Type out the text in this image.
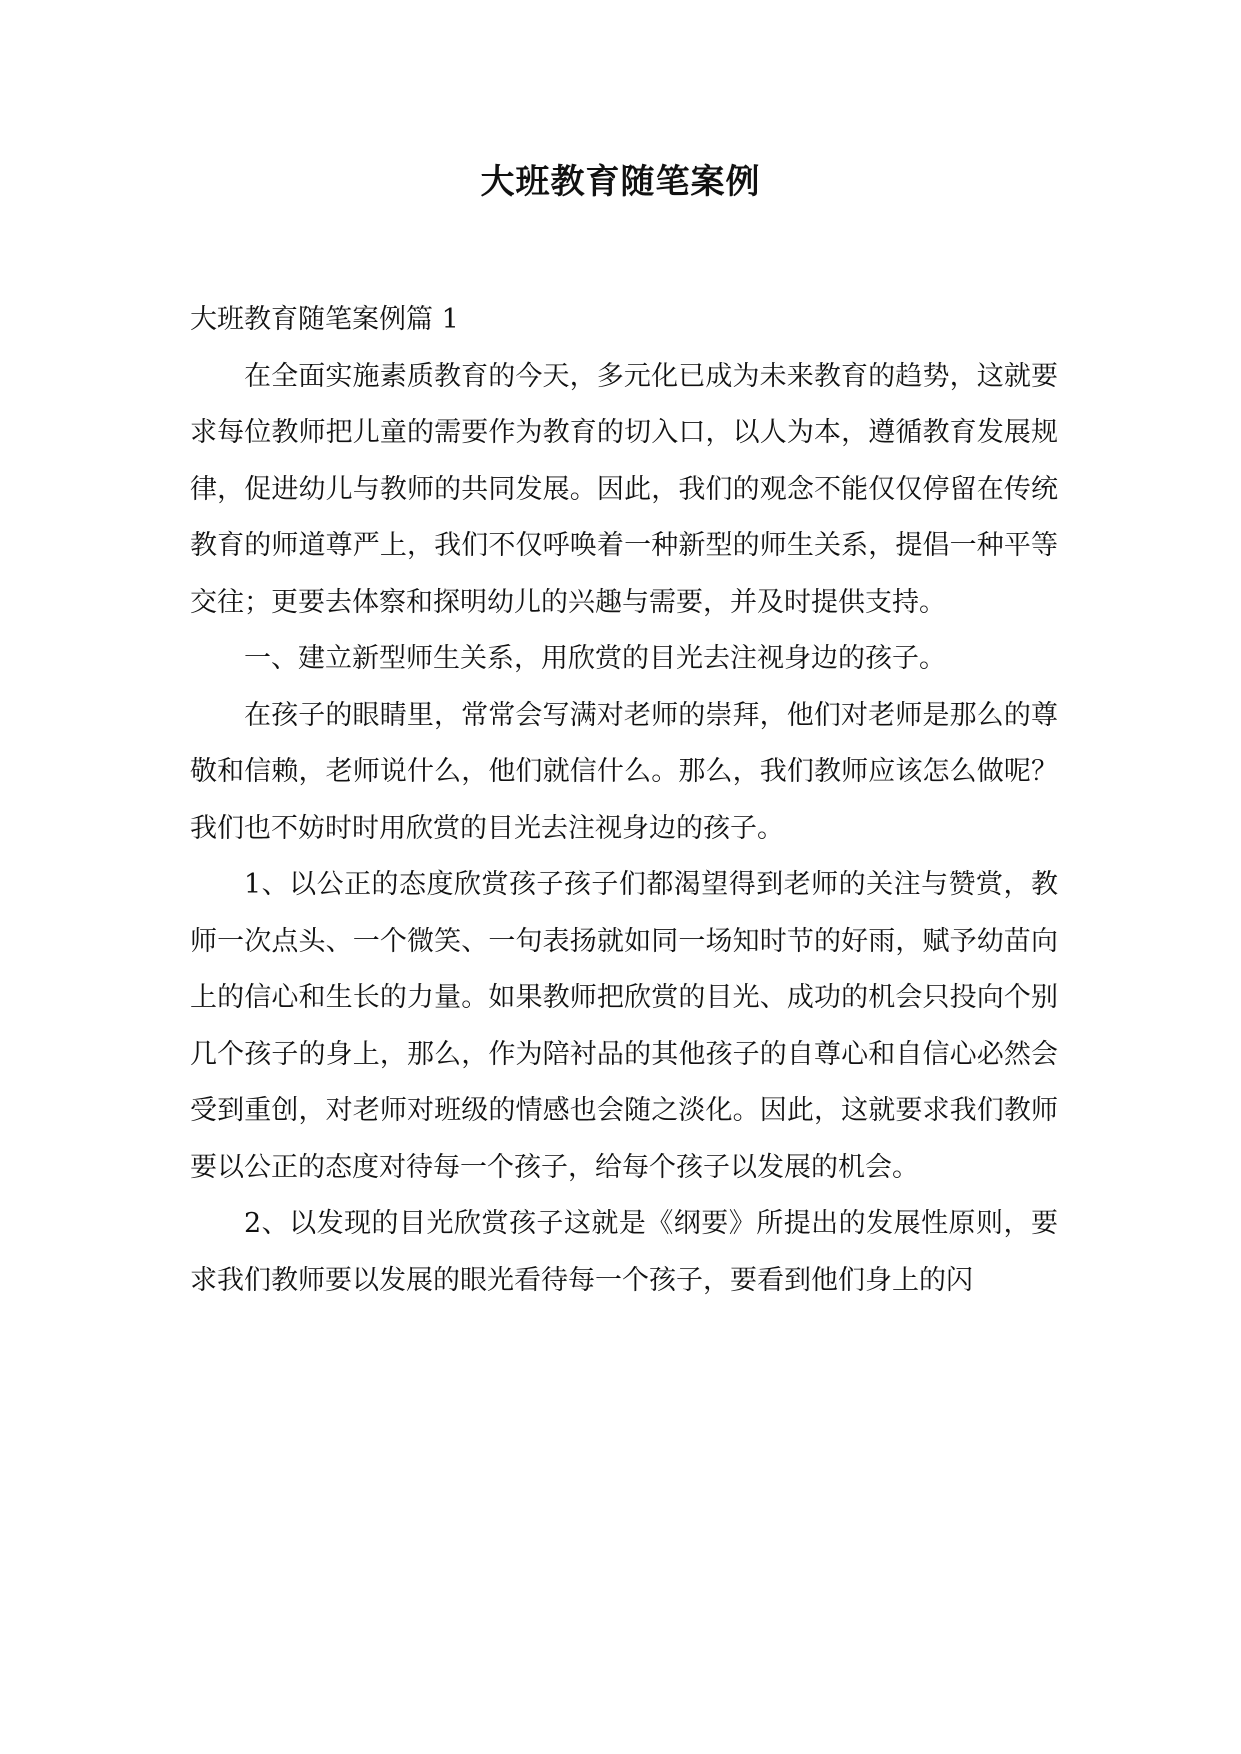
大班教育随笔案例

大班教育随笔案例篇 1

在全面实施素质教育的今天，多元化已成为未来教育的趋势，这就要求每位教师把儿童的需要作为教育的切入口，以人为本，遵循教育发展规律，促进幼儿与教师的共同发展。因此，我们的观念不能仅仅停留在传统教育的师道尊严上，我们不仅呼唤着一种新型的师生关系，提倡一种平等交往；更要去体察和探明幼儿的兴趣与需要，并及时提供支持。

一、建立新型师生关系，用欣赏的目光去注视身边的孩子。

在孩子的眼睛里，常常会写满对老师的崇拜，他们对老师是那么的尊敬和信赖，老师说什么，他们就信什么。那么，我们教师应该怎么做呢？我们也不妨时时用欣赏的目光去注视身边的孩子。

1、以公正的态度欣赏孩子孩子们都渴望得到老师的关注与赞赏，教师一次点头、一个微笑、一句表扬就如同一场知时节的好雨，赋予幼苗向上的信心和生长的力量。如果教师把欣赏的目光、成功的机会只投向个别几个孩子的身上，那么，作为陪衬品的其他孩子的自尊心和自信心必然会受到重创，对老师对班级的情感也会随之淡化。因此，这就要求我们教师要以公正的态度对待每一个孩子，给每个孩子以发展的机会。

2、以发现的目光欣赏孩子这就是《纲要》所提出的发展性原则，要求我们教师要以发展的眼光看待每一个孩子，要看到他们身上的闪
